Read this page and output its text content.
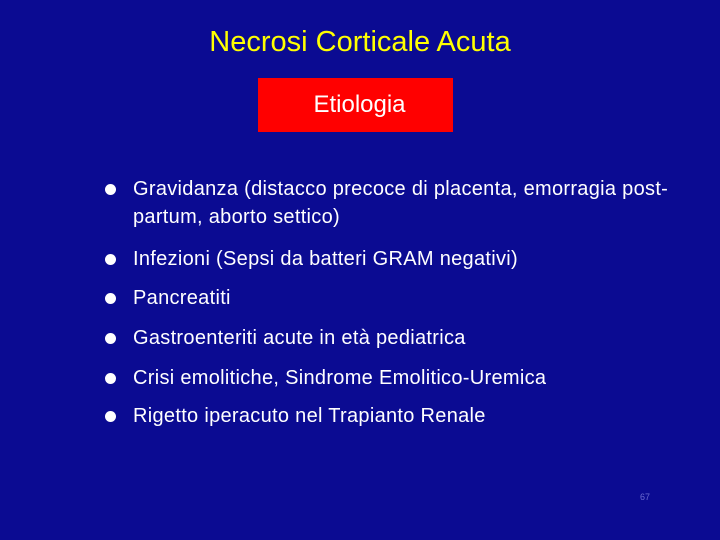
Necrosi Corticale Acuta
Etiologia
Gravidanza (distacco precoce di placenta, emorragia post-partum, aborto settico)
Infezioni (Sepsi da batteri GRAM negativi)
Pancreatiti
Gastroenteriti acute in età pediatrica
Crisi emolitiche, Sindrome Emolitico-Uremica
Rigetto iperacuto nel Trapianto Renale
67
